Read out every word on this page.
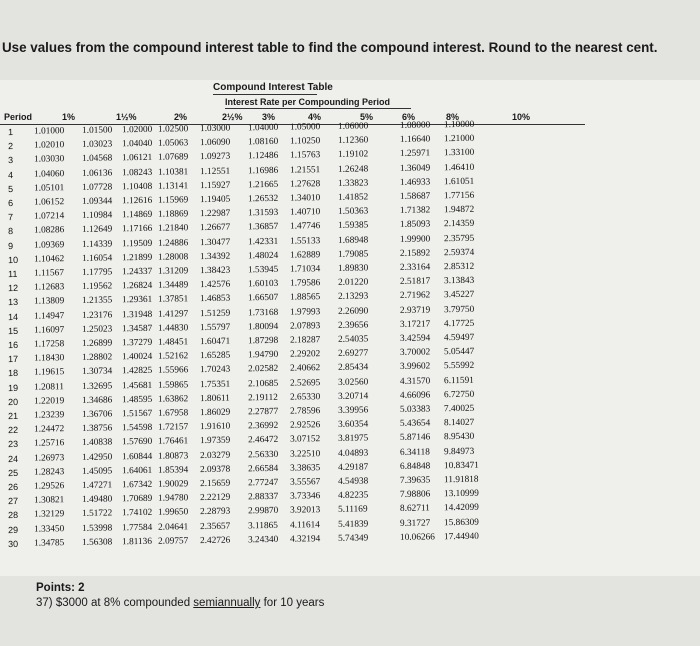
Use values from the compound interest table to find the compound interest. Round to the nearest cent.
Compound Interest Table
Interest Rate per Compounding Period
Period	1%	1½%	2%	2½% 3%	4%	5%	6%	8%	10%
1 1.01000 1.01500 1.02000 1.02500 1.03000 1.04000 1.05000 1.06000	1.08000 1.10000
2 1.02010 1.03023 1.04040 1.05063 1.06090 1.08160 1.10250 1.12360	1.16640 1.21000
3 1.03030 1.04568 1.06121 1.07689 1.09273 1.12486 1.15763 1.19102	1.25971 1.33100
4 1.04060 1.06136 1.08243 1.10381 1.12551 1.16986 1.21551 1.26248	1.36049 1.46410
5 1.05101 1.07728 1.10408 1.13141 1.15927 1.21665 1.27628 1.33823	1.46933 1.61051
6 1.06152 1.09344 1.12616 1.15969 1.19405 1.26532 1.34010 1.41852	1.58687 1.77156
7 1.07214 1.10984 1.14869 1.18869 1.22987 1.31593 1.40710 1.50363	1.71382 1.94872
8 1.08286 1.12649 1.17166 1.21840 1.26677 1.36857 1.47746 1.59385	1.85093 2.14359
9 1.09369 1.14339 1.19509 1.24886 1.30477 1.42331 1.55133 1.68948	1.99900 2.35795
10 1.10462 1.16054 1.21899 1.28008 1.34392 1.48024 1.62889 1.79085	2.15892 2.59374
11 1.11567 1.17795 1.24337 1.31209 1.38423 1.53945 1.71034 1.89830	2.33164 2.85312
12 1.12683 1.19562 1.26824 1.34489 1.42576 1.60103 1.79586 2.01220	2.51817 3.13843
13 1.13809 1.21355 1.29361 1.37851 1.46853 1.66507 1.88565 2.13293	2.71962 3.45227
14 1.14947 1.23176 1.31948 1.41297 1.51259 1.73168 1.97993 2.26090	2.93719 3.79750
15 1.16097 1.25023 1.34587 1.44830 1.55797 1.80094 2.07893 2.39656	3.17217 4.17725
16 1.17258 1.26899 1.37279 1.48451 1.60471 1.87298 2.18287 2.54035	3.42594 4.59497
17 1.18430 1.28802 1.40024 1.52162 1.65285 1.94790 2.29202 2.69277	3.70002 5.05447
18 1.19615 1.30734 1.42825 1.55966 1.70243 2.02582 2.40662 2.85434	3.99602 5.55992
19 1.20811 1.32695 1.45681 1.59865 1.75351 2.10685 2.52695 3.02560	4.31570 6.11591
20 1.22019 1.34686 1.48595 1.63862 1.80611 2.19112 2.65330 3.20714	4.66096 6.72750
21 1.23239 1.36706 1.51567 1.67958 1.86029 2.27877 2.78596 3.39956	5.03383 7.40025
22 1.24472 1.38756 1.54598 1.72157 1.91610 2.36992 2.92526 3.60354	5.43654 8.14027
23 1.25716 1.40838 1.57690 1.76461 1.97359 2.46472 3.07152 3.81975	5.87146 8.95430
24 1.26973 1.42950 1.60844 1.80873 2.03279 2.56330 3.22510 4.04893	6.34118 9.84973
25 1.28243 1.45095 1.64061 1.85394 2.09378 2.66584 3.38635 4.29187	6.84848 10.83471
26 1.29526 1.47271 1.67342 1.90029 2.15659 2.77247 3.55567 4.54938	7.39635 11.91818
27 1.30821 1.49480 1.70689 1.94780 2.22129 2.88337 3.73346 4.82235	7.98806 13.10999
28 1.32129 1.51722 1.74102 1.99650 2.28793 2.99870 3.92013 5.11169	8.62711 14.42099
29 1.33450 1.53998 1.77584 2.04641 2.35657 3.11865 4.11614 5.41839	9.31727 15.86309
30 1.34785 1.56308 1.81136 2.09757 2.42726 3.24340 4.32194 5.74349	10.06266 17.44940
Points: 2
37) $3000 at 8% compounded semiannually for 10 years
